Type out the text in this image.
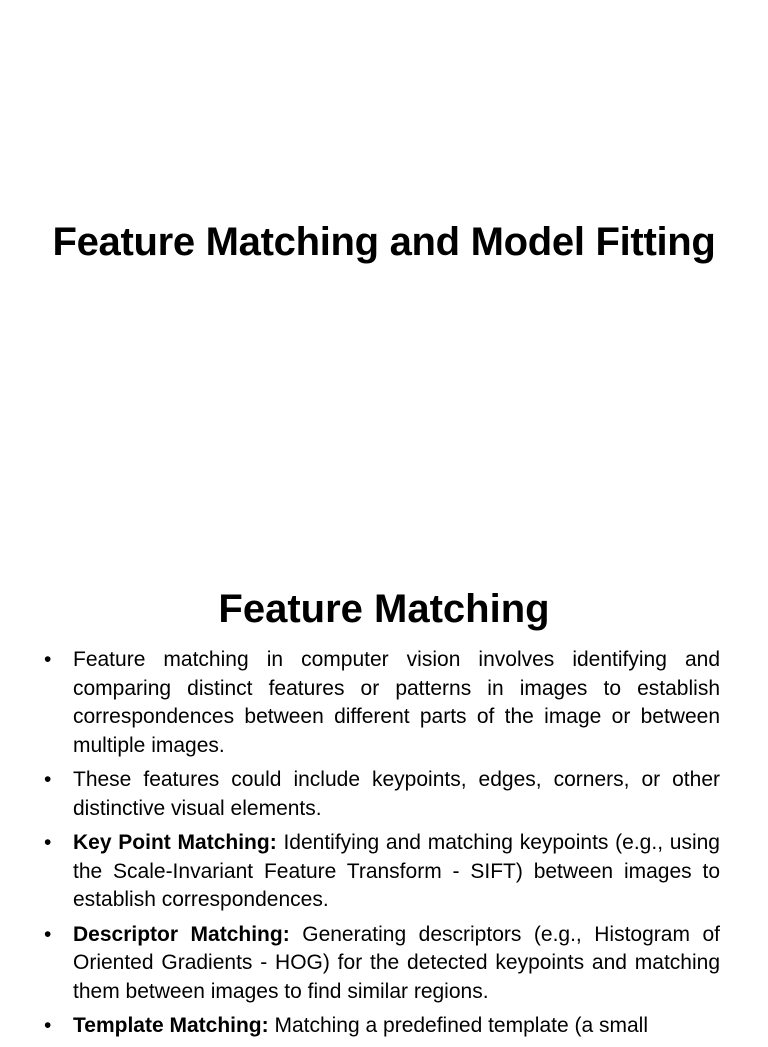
Feature Matching and Model Fitting
Feature Matching
• Feature matching in computer vision involves identifying and comparing distinct features or patterns in images to establish correspondences between different parts of the image or between multiple images.
• These features could include keypoints, edges, corners, or other distinctive visual elements.
• Key Point Matching: Identifying and matching keypoints (e.g., using the Scale-Invariant Feature Transform - SIFT) between images to establish correspondences.
• Descriptor Matching: Generating descriptors (e.g., Histogram of Oriented Gradients - HOG) for the detected keypoints and matching them between images to find similar regions.
• Template Matching: Matching a predefined template (a small
